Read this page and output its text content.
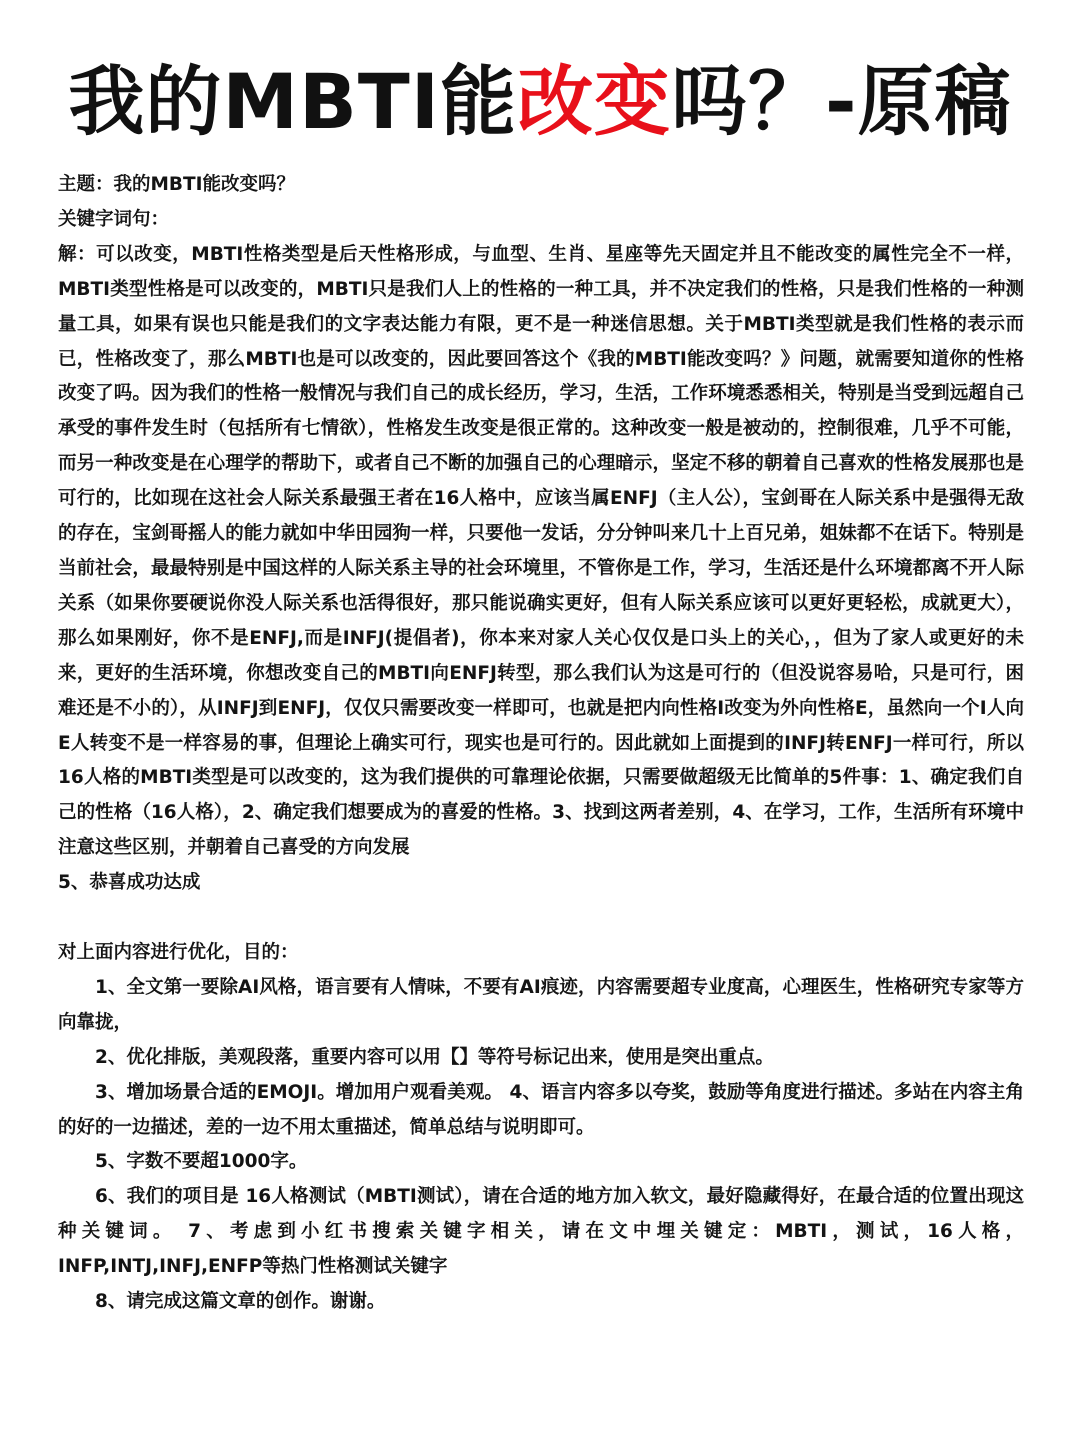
我的MBTI能改变吗？-原稿

主题：我的MBTI能改变吗？

关键字词句：

解：可以改变，MBTI性格类型是后天性格形成，与血型、生肖、星座等先天固定并且不能改变的属性完全不一样，MBTI类型性格是可以改变的，MBTI只是我们人上的性格的一种工具，并不决定我们的性格，只是我们性格的一种测量工具，如果有误也只能是我们的文字表达能力有限，更不是一种迷信思想。关于MBTI类型就是我们性格的表示而已，性格改变了，那么MBTI也是可以改变的，因此要回答这个《我的MBTI能改变吗？》问题，就需要知道你的性格改变了吗。因为我们的性格一般情况与我们自己的成长经历，学习，生活，工作环境悉悉相关，特别是当受到远超自己承受的事件发生时（包括所有七情欲），性格发生改变是很正常的。这种改变一般是被动的，控制很难，几乎不可能，而另一种改变是在心理学的帮助下，或者自己不断的加强自己的心理暗示，坚定不移的朝着自己喜欢的性格发展那也是可行的，比如现在这社会人际关系最强王者在16人格中，应该当属ENFJ（主人公），宝剑哥在人际关系中是强得无敌的存在，宝剑哥摇人的能力就如中华田园狗一样，只要他一发话，分分钟叫来几十上百兄弟，姐妹都不在话下。特别是当前社会，最最特别是中国这样的人际关系主导的社会环境里，不管你是工作，学习，生活还是什么环境都离不开人际关系（如果你要硬说你没人际关系也活得很好，那只能说确实更好，但有人际关系应该可以更好更轻松，成就更大），那么如果刚好，你不是ENFJ,而是INFJ(提倡者)，你本来对家人关心仅仅是口头上的关心，，但为了家人或更好的未来，更好的生活环境，你想改变自己的MBTI向ENFJ转型，那么我们认为这是可行的（但没说容易哈，只是可行，困难还是不小的），从INFJ到ENFJ，仅仅只需要改变一样即可，也就是把内向性格I改变为外向性格E，虽然向一个I人向E人转变不是一样容易的事，但理论上确实可行，现实也是可行的。因此就如上面提到的INFJ转ENFJ一样可行，所以16人格的MBTI类型是可以改变的，这为我们提供的可靠理论依据，只需要做超级无比简单的5件事：1、确定我们自己的性格（16人格），2、确定我们想要成为的喜爱的性格。3、找到这两者差别，4、在学习，工作，生活所有环境中注意这些区别，并朝着自己喜受的方向发展

5、恭喜成功达成

对上面内容进行优化，目的：

1、全文第一要除AI风格，语言要有人情味，不要有AI痕迹，内容需要超专业度高，心理医生，性格研究专家等方向靠拢，

2、优化排版，美观段落，重要内容可以用【】等符号标记出来，使用是突出重点。

3、增加场景合适的EMOJI。增加用户观看美观。 4、语言内容多以夸奖，鼓励等角度进行描述。多站在内容主角的好的一边描述，差的一边不用太重描述，简单总结与说明即可。

5、字数不要超1000字。

6、我们的项目是 16人格测试（MBTI测试），请在合适的地方加入软文，最好隐藏得好，在最合适的位置出现这种关键词。 7、考虑到小红书搜索关键字相关，请在文中埋关键定：MBTI，测试，16人格，INFP,INTJ,INFJ,ENFP等热门性格测试关键字

8、请完成这篇文章的创作。谢谢。
